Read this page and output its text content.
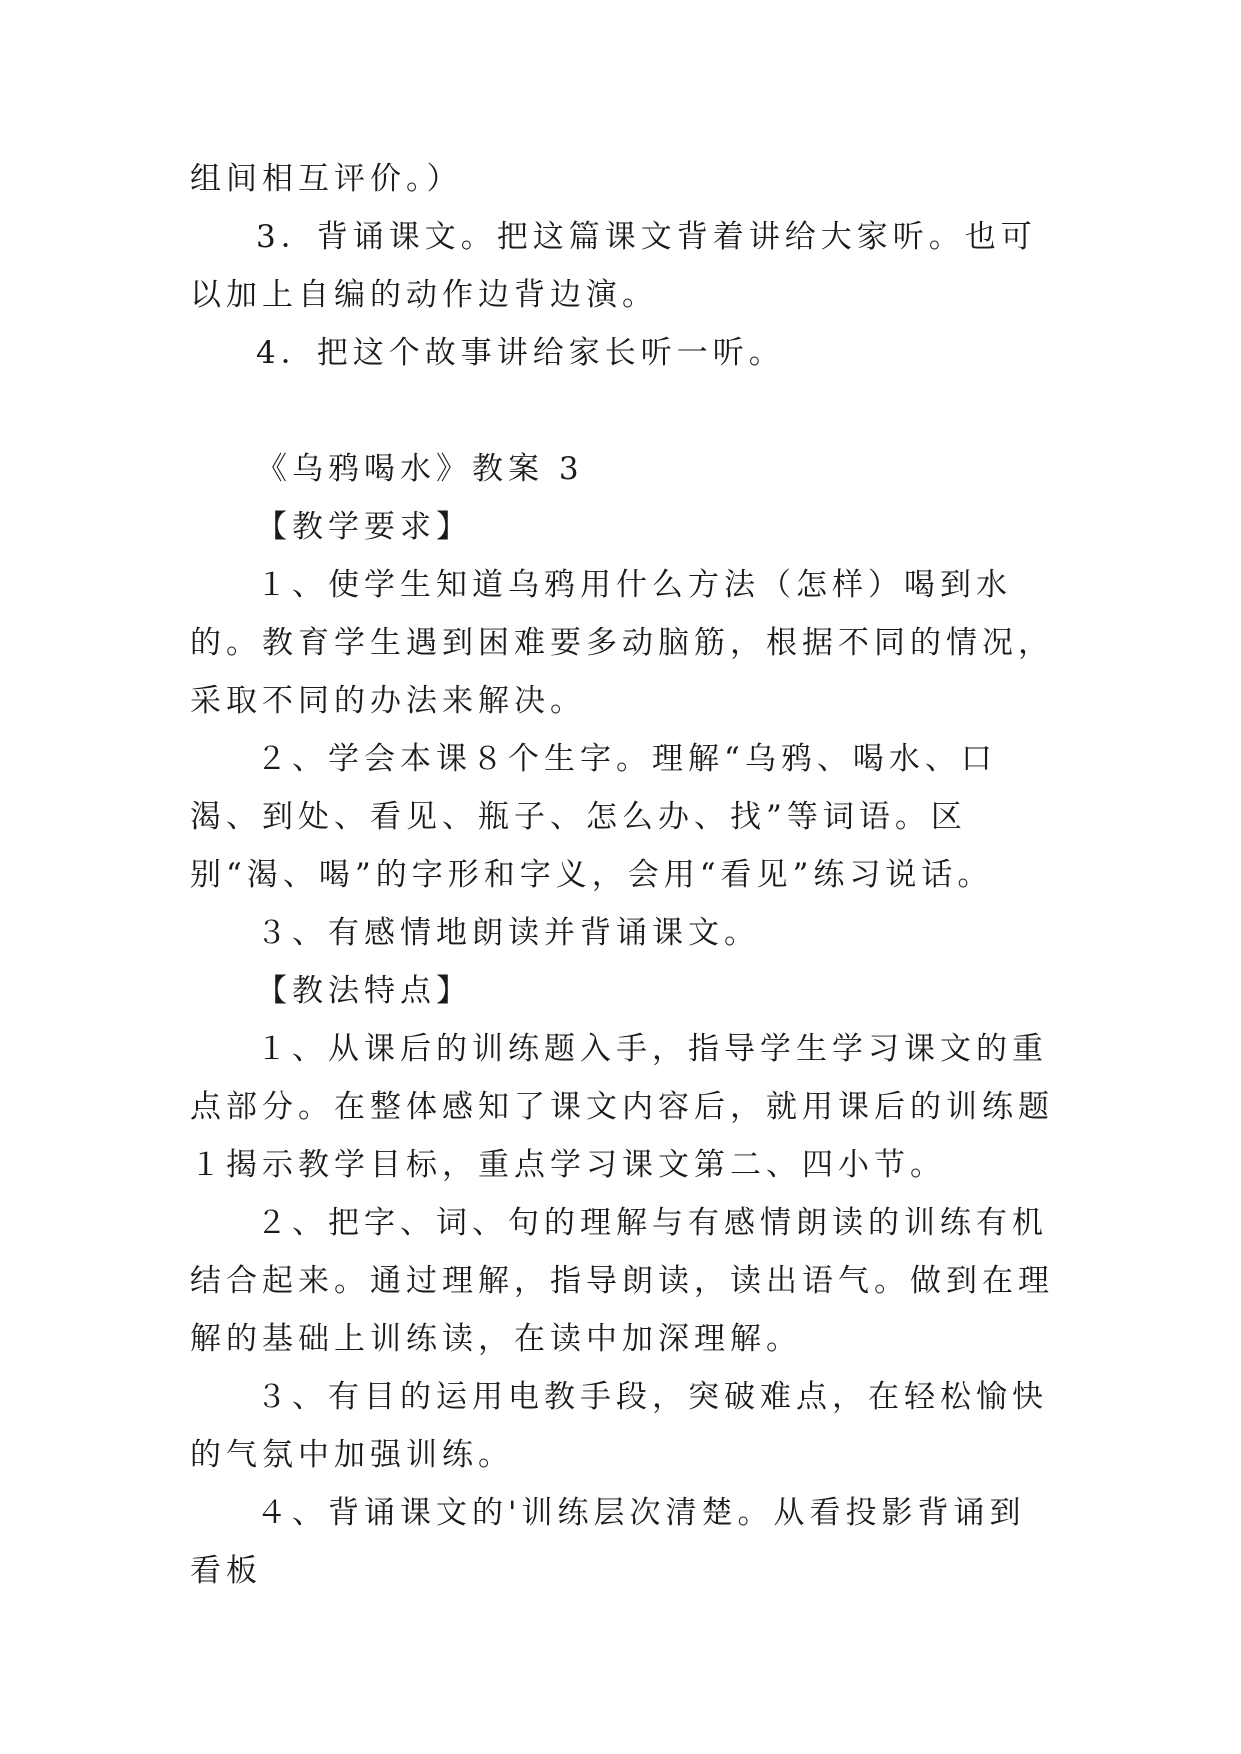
组间相互评价。）

3．背诵课文。把这篇课文背着讲给大家听。也可以加上自编的动作边背边演。

4．把这个故事讲给家长听一听。

《乌鸦喝水》教案 3

【教学要求】

１、使学生知道乌鸦用什么方法（怎样）喝到水的。教育学生遇到困难要多动脑筋，根据不同的情况，采取不同的办法来解决。

２、学会本课８个生字。理解“乌鸦、喝水、口渴、到处、看见、瓶子、怎么办、找”等词语。区别“渴、喝”的字形和字义，会用“看见”练习说话。

３、有感情地朗读并背诵课文。

【教法特点】

１、从课后的训练题入手，指导学生学习课文的重点部分。在整体感知了课文内容后，就用课后的训练题１揭示教学目标，重点学习课文第二、四小节。

２、把字、词、句的理解与有感情朗读的训练有机结合起来。通过理解，指导朗读，读出语气。做到在理解的基础上训练读，在读中加深理解。

３、有目的运用电教手段，突破难点，在轻松愉快的气氛中加强训练。

４、背诵课文的'训练层次清楚。从看投影背诵到看板
